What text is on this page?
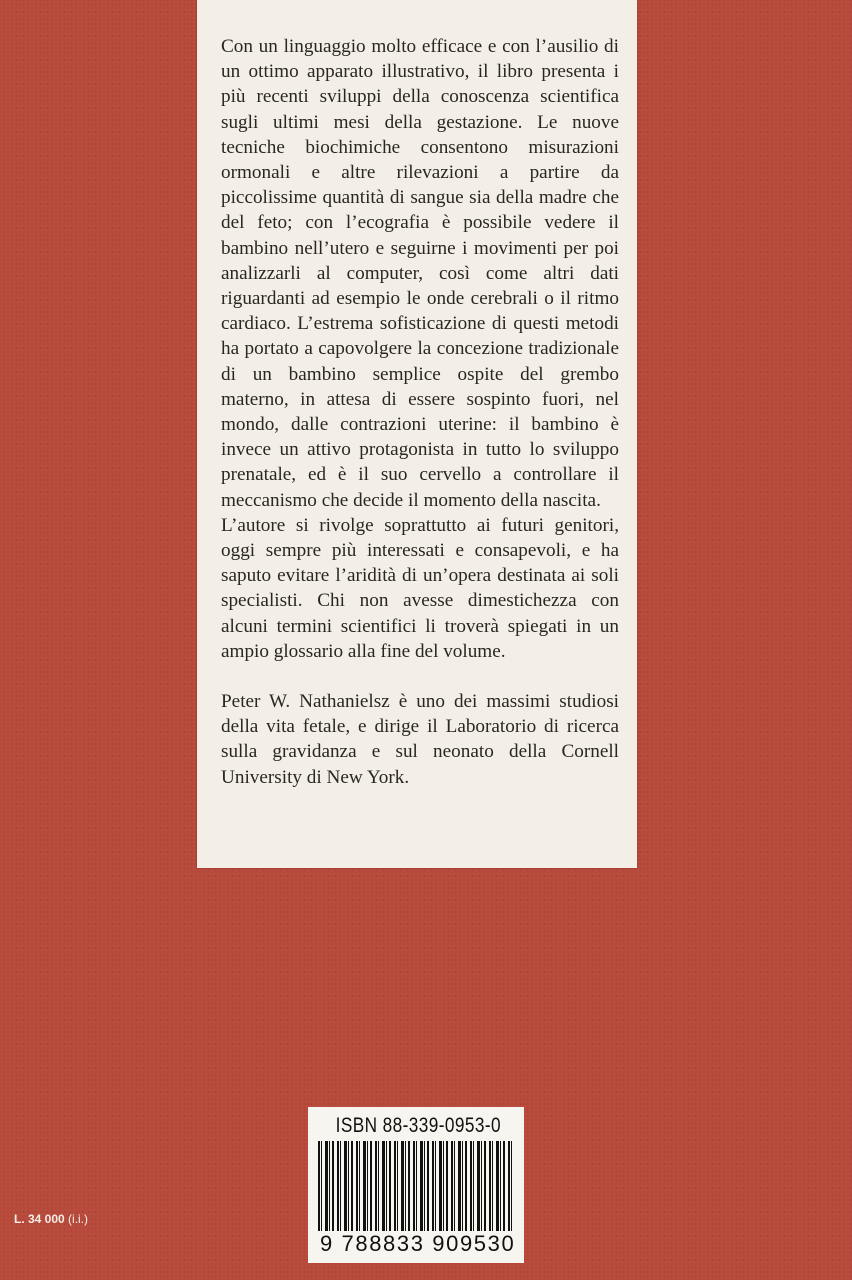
Con un linguaggio molto efficace e con l’ausilio di un ottimo apparato illustrativo, il libro presenta i più recenti sviluppi della conoscenza scientifica sugli ultimi mesi della gestazione. Le nuove tecniche biochimiche consentono misurazioni ormonali e altre rilevazioni a partire da piccolissime quantità di sangue sia della madre che del feto; con l’ecografia è possibile vedere il bambino nell’utero e seguirne i movimenti per poi analizzarli al computer, così come altri dati riguardanti ad esempio le onde cerebrali o il ritmo cardiaco. L’estrema sofisticazione di questi metodi ha portato a capovolgere la concezione tradizionale di un bambino semplice ospite del grembo materno, in attesa di essere sospinto fuori, nel mondo, dalle contrazioni uterine: il bambino è invece un attivo protagonista in tutto lo sviluppo prenatale, ed è il suo cervello a controllare il meccanismo che decide il momento della nascita.

L’autore si rivolge soprattutto ai futuri genitori, oggi sempre più interessati e consapevoli, e ha saputo evitare l’aridità di un’opera destinata ai soli specialisti. Chi non avesse dimestichezza con alcuni termini scientifici li troverà spiegati in un ampio glossario alla fine del volume.

Peter W. Nathanielsz è uno dei massimi studiosi della vita fetale, e dirige il Laboratorio di ricerca sulla gravidanza e sul neonato della Cornell University di New York.

ISBN 88-339-0953-0
9 788833 909530
L. 34 000 (i.i.)
